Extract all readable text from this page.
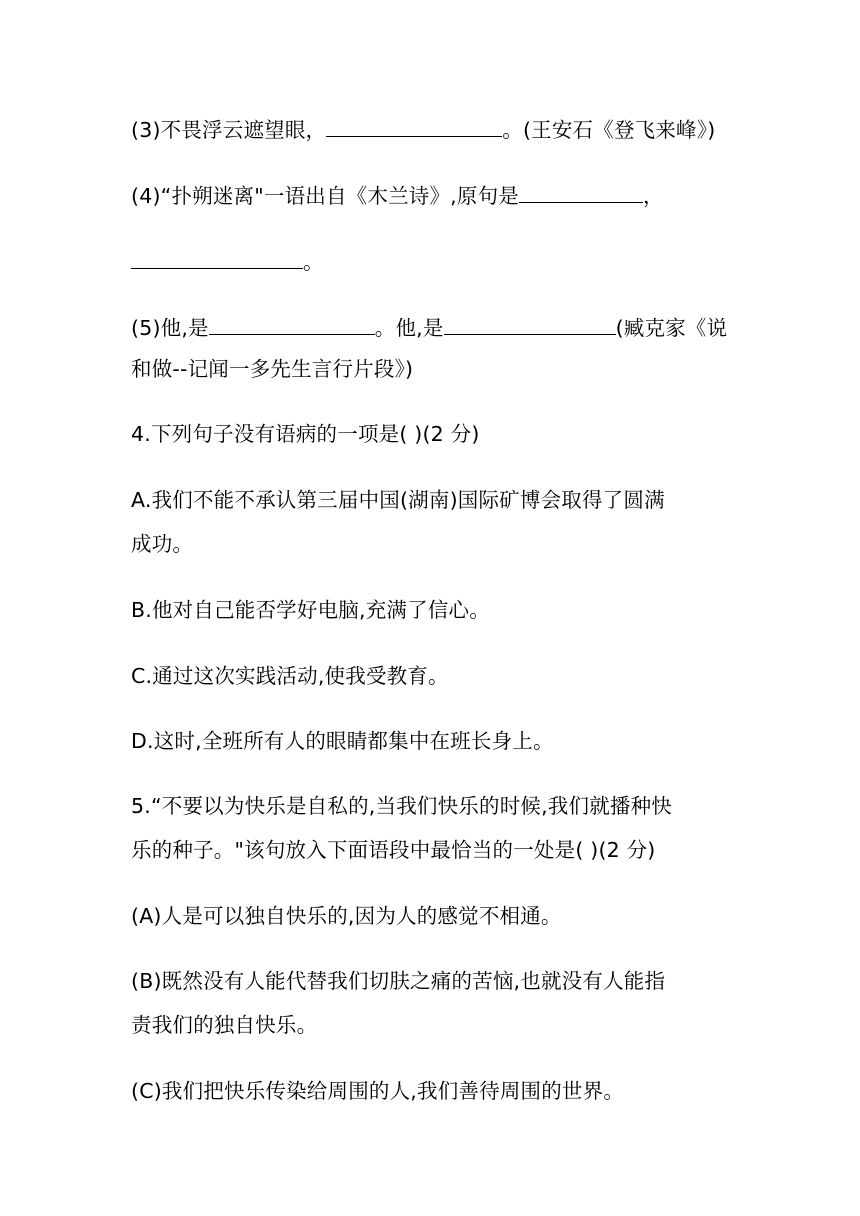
(3)不畏浮云遮望眼，	。(王安石《登飞来峰》)
(4)“扑朔迷离"一语出自《木兰诗》,原句是	，
。
(5)他,是	。他,是	(臧克家《说
和做--记闻一多先生言行片段》)
4.下列句子没有语病的一项是( )(2 分)
A.我们不能不承认第三届中国(湖南)国际矿博会取得了圆满
成功。
B.他对自己能否学好电脑,充满了信心。
C.通过这次实践活动,使我受教育。
D.这时,全班所有人的眼睛都集中在班长身上。
5.“不要以为快乐是自私的,当我们快乐的时候,我们就播种快
乐的种子。"该句放入下面语段中最恰当的一处是( )(2 分)
(A)人是可以独自快乐的,因为人的感觉不相通。
(B)既然没有人能代替我们切肤之痛的苦恼,也就没有人能指
责我们的独自快乐。
(C)我们把快乐传染给周围的人,我们善待周围的世界。
